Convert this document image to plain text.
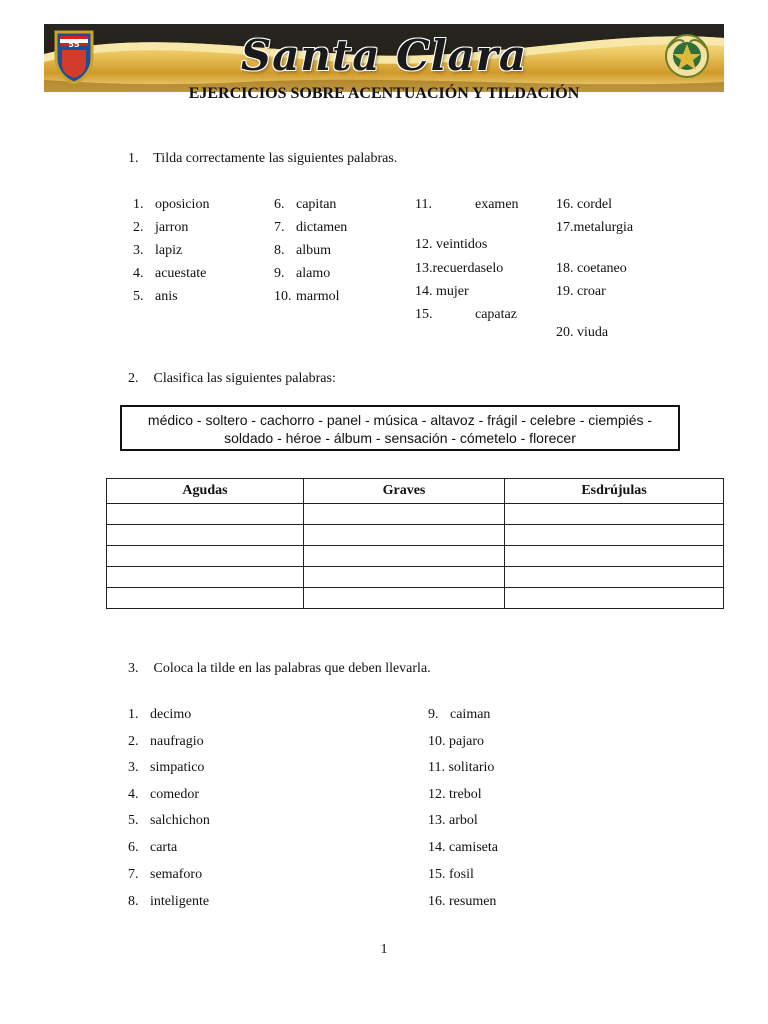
55	Santa Clara
EJERCICIOS SOBRE ACENTUACIÓN Y TILDACIÓN
1. Tilda correctamente las siguientes palabras.
1. oposicion
2. jarron
3. lapiz
4. acuestate
5. anis
6. capitan
7. dictamen
8. album
9. alamo
10. marmol
11.	examen
12. veintidos
13.recuerdaselo
14. mujer
15.	capataz
16. cordel
17.metalurgia
18. coetaneo
19. croar
20. viuda
2. Clasifica las siguientes palabras:
médico - soltero - cachorro - panel - música - altavoz - frágil - celebre - ciempiés -
soldado - héroe - álbum - sensación - cómetelo - florecer
Agudas	Graves	Esdrújulas

3. Coloca la tilde en las palabras que deben llevarla.
1. decimo
2. naufragio
3. simpatico
4. comedor
5. salchichon
6. carta
7. semaforo
8. inteligente
9. caiman
10. pajaro
11. solitario
12. trebol
13. arbol
14. camiseta
15. fosil
16. resumen
1
